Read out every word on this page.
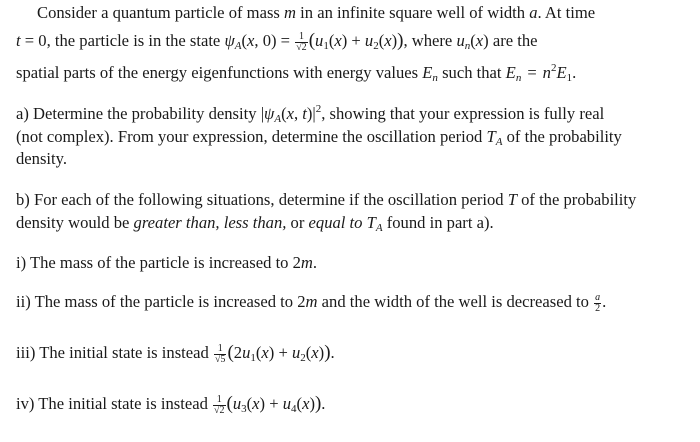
Consider a quantum particle of mass m in an infinite square well of width a. At time
t = 0, the particle is in the state $\psi_A(x$, $0) = \frac{1}{√2} (u_1(x) + u_2(x))$, where $u_n(x)$ are the
spatial parts of the energy eigenfunctions with energy values $E_n$ such that $E_n = n^2E_1$.
a) Determine the probability density $|\psi_A(x$, $t)|^2$, showing that your expression is fully real
(not complex). From your expression, determine the oscillation period $T_A$ of the probability
density.
b) For each of the following situations, determine if the oscillation period T of the probability
density would be greater than, less than, or equal to $T_A$ found in part a).
i) The mass of the particle is increased to 2m.
ii) The mass of the particle is increased to 2m and the width of the well is decreased to $\frac{a}{2}$ .
iii) The initial state is instead $\frac{1}{√5} (2u_1(x) + u_2(x))$.
iv) The initial state is instead $\frac{1}{√2} (u_3(x) + u_4(x))$.
